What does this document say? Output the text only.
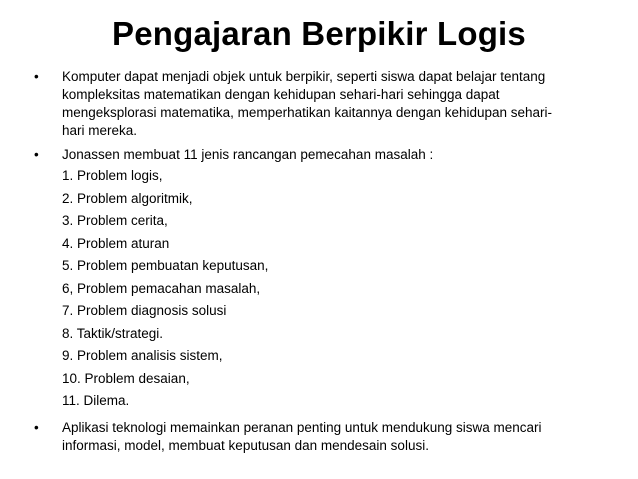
Pengajaran Berpikir Logis
• Komputer dapat menjadi objek untuk berpikir, seperti siswa dapat belajar tentang
kompleksitas matematikan dengan kehidupan sehari-hari sehingga dapat
mengeksplorasi matematika, memperhatikan kaitannya dengan kehidupan sehari-
hari mereka.
• Jonassen membuat 11 jenis rancangan pemecahan masalah :
1. Problem logis,
2. Problem algoritmik,
3. Problem cerita,
4. Problem aturan
5. Problem pembuatan keputusan,
6, Problem pemacahan masalah,
7. Problem diagnosis solusi
8. Taktik/strategi.
9. Problem analisis sistem,
10. Problem desaian,
11. Dilema.
• Aplikasi teknologi memainkan peranan penting untuk mendukung siswa mencari
informasi, model, membuat keputusan dan mendesain solusi.
